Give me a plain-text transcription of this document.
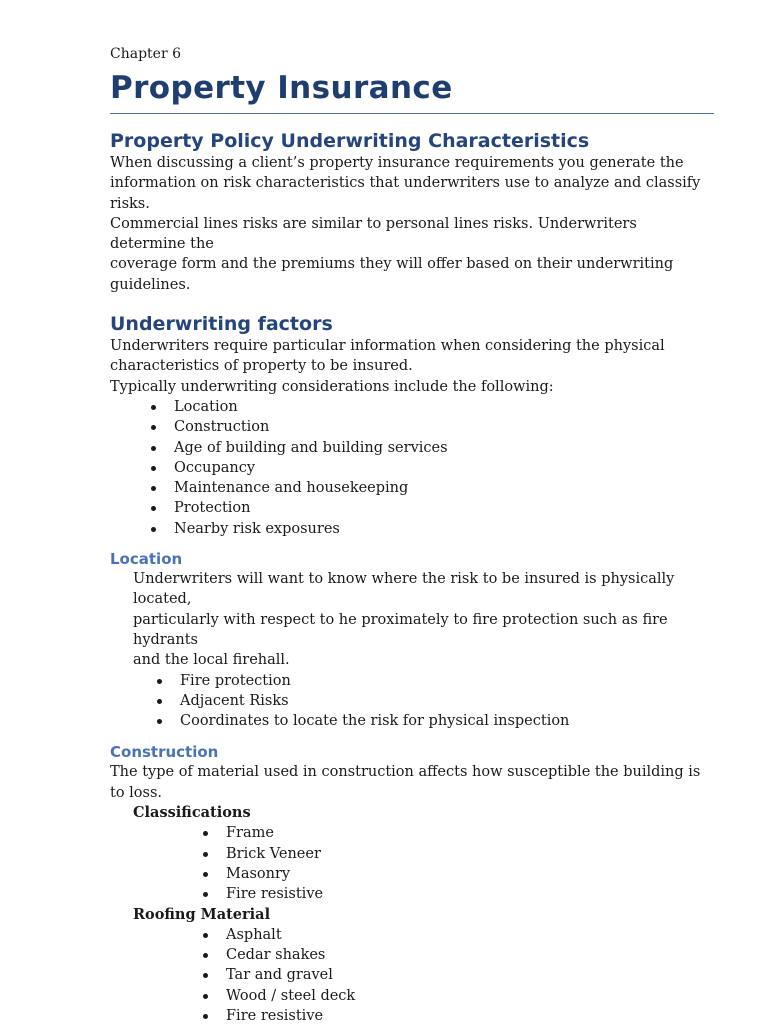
Chapter 6

Property Insurance
Property Policy Underwriting Characteristics

When discussing a client’s property insurance requirements you generate the

information on risk characteristics that underwriters use to analyze and classify risks.

Commercial lines risks are similar to personal lines risks. Underwriters determine the

coverage form and the premiums they will offer based on their underwriting guidelines.

Underwriting factors

Underwriters require particular information when considering the physical

characteristics of property to be insured.

Typically underwriting considerations include the following:

Location
Construction
Age of building and building services
Occupancy
Maintenance and housekeeping
Protection
Nearby risk exposures
Location

Underwriters will want to know where the risk to be insured is physically located,

particularly with respect to he proximately to fire protection such as fire hydrants

and the local firehall.

Fire protection
Adjacent Risks
Coordinates to locate the risk for physical inspection
Construction

The type of material used in construction affects how susceptible the building is to loss.

Classifications

Frame
Brick Veneer
Masonry
Fire resistive

Roofing Material

Asphalt
Cedar shakes
Tar and gravel
Wood / steel deck
Fire resistive
